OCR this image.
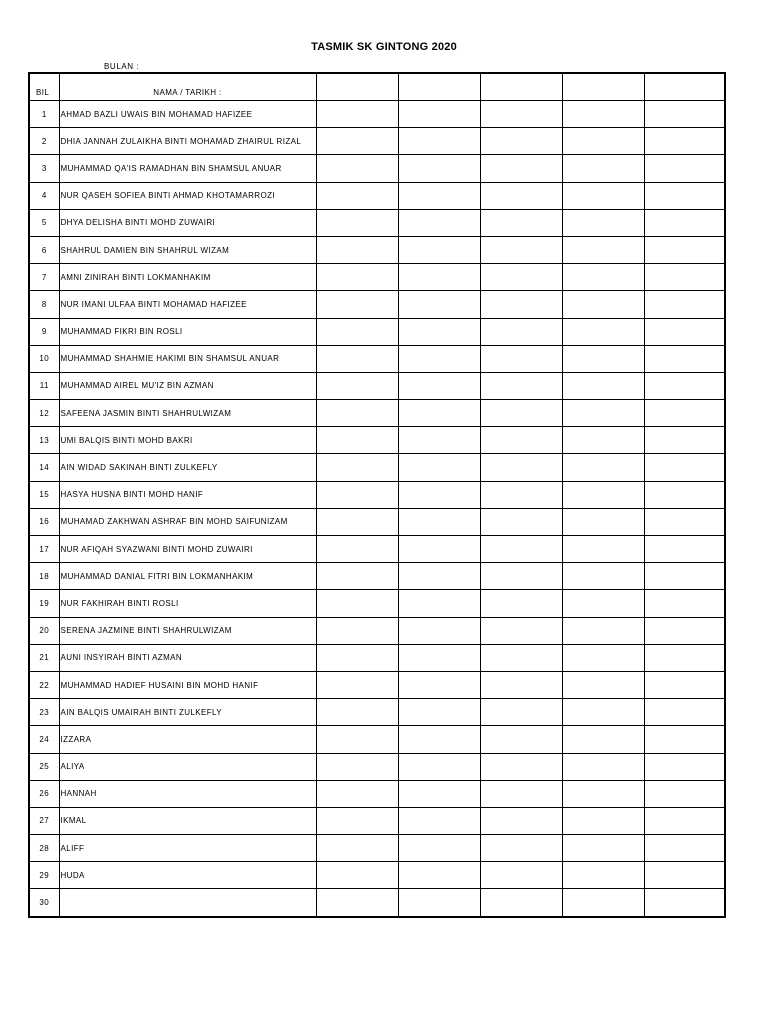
TASMIK SK GINTONG 2020
BULAN :
BIL	NAMA / TARIKH :					
1	AHMAD BAZLI UWAIS BIN MOHAMAD HAFIZEE					
2	DHIA JANNAH ZULAIKHA BINTI MOHAMAD ZHAIRUL RIZAL					
3	MUHAMMAD QA'IS RAMADHAN BIN SHAMSUL ANUAR					
4	NUR QASEH SOFIEA BINTI AHMAD KHOTAMARROZI					
5	DHYA DELISHA BINTI MOHD ZUWAIRI					
6	SHAHRUL DAMIEN BIN SHAHRUL WIZAM					
7	AMNI ZINIRAH BINTI LOKMANHAKIM					
8	NUR IMANI ULFAA BINTI MOHAMAD HAFIZEE					
9	MUHAMMAD FIKRI BIN ROSLI					
10	MUHAMMAD SHAHMIE HAKIMI BIN SHAMSUL ANUAR					
11	MUHAMMAD AIREL MU'IZ BIN AZMAN					
12	SAFEENA JASMIN BINTI SHAHRULWIZAM					
13	UMI BALQIS BINTI MOHD BAKRI					
14	AIN WIDAD SAKINAH BINTI ZULKEFLY					
15	HASYA HUSNA BINTI MOHD HANIF					
16	MUHAMAD ZAKHWAN ASHRAF BIN MOHD SAIFUNIZAM					
17	NUR AFIQAH SYAZWANI BINTI MOHD ZUWAIRI					
18	MUHAMMAD DANIAL FITRI BIN LOKMANHAKIM					
19	NUR FAKHIRAH BINTI ROSLI					
20	SERENA JAZMINE BINTI SHAHRULWIZAM					
21	AUNI INSYIRAH BINTI AZMAN					
22	MUHAMMAD HADIEF HUSAINI BIN MOHD HANIF					
23	AIN BALQIS UMAIRAH BINTI ZULKEFLY					
24	IZZARA					
25	ALIYA					
26	HANNAH					
27	IKMAL					
28	ALIFF					
29	HUDA					
30						
